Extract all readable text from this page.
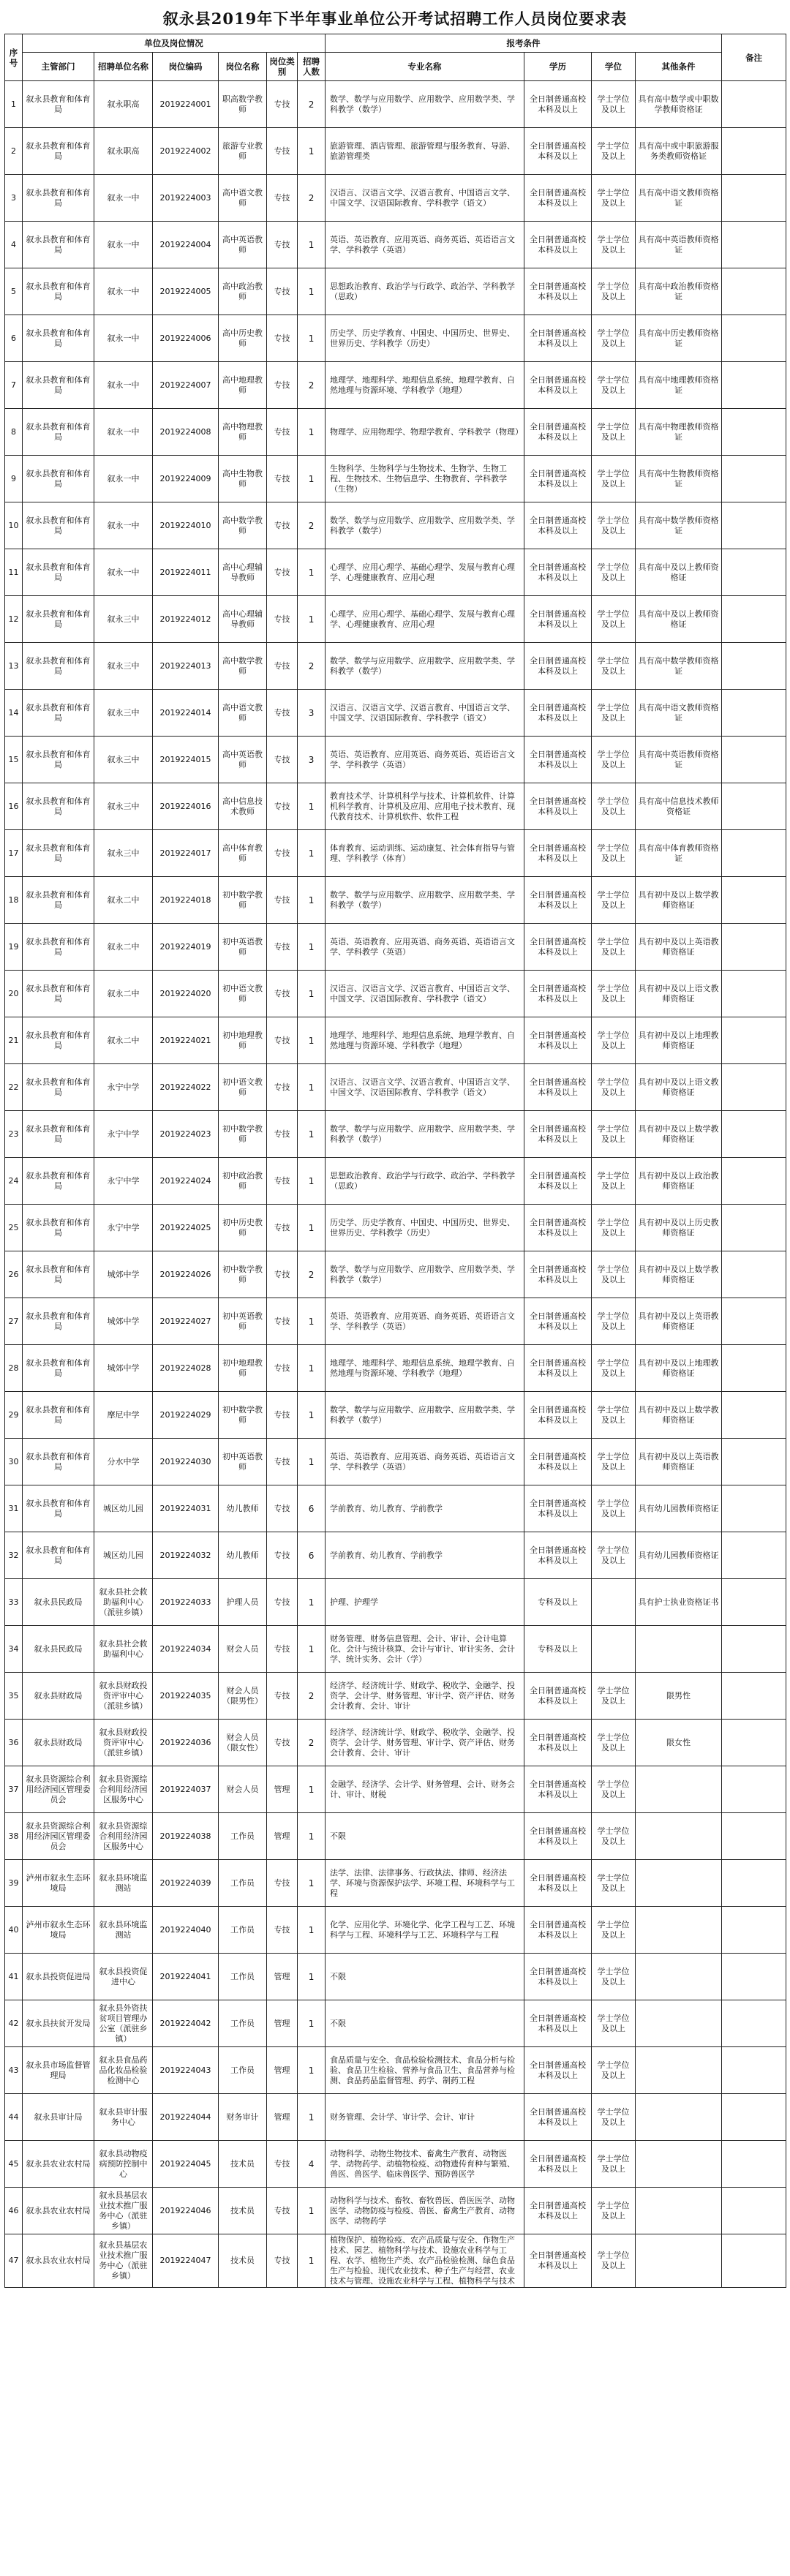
叙永县2019年下半年事业单位公开考试招聘工作人员岗位要求表
序号	单位及岗位情况						报考条件				备注
	主管部门	招聘单位名称	岗位编码	岗位名称	岗位类别	招聘人数	专业名称	学历	学位	其他条件	
1	叙永县教育和体育局	叙永职高	2019224001	职高数学教师	专技	2	数学、数学与应用数学、应用数学、应用数学类、学科教学（数学）	全日制普通高校本科及以上	学士学位及以上	具有高中数学或中职数学教师资格证	
2	叙永县教育和体育局	叙永职高	2019224002	旅游专业教师	专技	1	旅游管理、酒店管理、旅游管理与服务教育、导游、旅游管理类	全日制普通高校本科及以上	学士学位及以上	具有高中或中职旅游服务类教师资格证	
3	叙永县教育和体育局	叙永一中	2019224003	高中语文教师	专技	2	汉语言、汉语言文学、汉语言教育、中国语言文学、中国文学、汉语国际教育、学科教学（语文）	全日制普通高校本科及以上	学士学位及以上	具有高中语文教师资格证	
4	叙永县教育和体育局	叙永一中	2019224004	高中英语教师	专技	1	英语、英语教育、应用英语、商务英语、英语语言文学、学科教学（英语）	全日制普通高校本科及以上	学士学位及以上	具有高中英语教师资格证	
5	叙永县教育和体育局	叙永一中	2019224005	高中政治教师	专技	1	思想政治教育、政治学与行政学、政治学、学科教学（思政）	全日制普通高校本科及以上	学士学位及以上	具有高中政治教师资格证	
6	叙永县教育和体育局	叙永一中	2019224006	高中历史教师	专技	1	历史学、历史学教育、中国史、中国历史、世界史、世界历史、学科教学（历史）	全日制普通高校本科及以上	学士学位及以上	具有高中历史教师资格证	
7	叙永县教育和体育局	叙永一中	2019224007	高中地理教师	专技	2	地理学、地理科学、地理信息系统、地理学教育、自然地理与资源环境、学科教学（地理）	全日制普通高校本科及以上	学士学位及以上	具有高中地理教师资格证	
8	叙永县教育和体育局	叙永一中	2019224008	高中物理教师	专技	1	物理学、应用物理学、物理学教育、学科教学（物理）	全日制普通高校本科及以上	学士学位及以上	具有高中物理教师资格证	
9	叙永县教育和体育局	叙永一中	2019224009	高中生物教师	专技	1	生物科学、生物科学与生物技术、生物学、生物工程、生物技术、生物信息学、生物教育、学科教学（生物）	全日制普通高校本科及以上	学士学位及以上	具有高中生物教师资格证	
10	叙永县教育和体育局	叙永一中	2019224010	高中数学教师	专技	2	数学、数学与应用数学、应用数学、应用数学类、学科教学（数学）	全日制普通高校本科及以上	学士学位及以上	具有高中数学教师资格证	
11	叙永县教育和体育局	叙永一中	2019224011	高中心理辅导教师	专技	1	心理学、应用心理学、基础心理学、发展与教育心理学、心理健康教育、应用心理	全日制普通高校本科及以上	学士学位及以上	具有高中及以上教师资格证	
12	叙永县教育和体育局	叙永三中	2019224012	高中心理辅导教师	专技	1	心理学、应用心理学、基础心理学、发展与教育心理学、心理健康教育、应用心理	全日制普通高校本科及以上	学士学位及以上	具有高中及以上教师资格证	
13	叙永县教育和体育局	叙永三中	2019224013	高中数学教师	专技	2	数学、数学与应用数学、应用数学、应用数学类、学科教学（数学）	全日制普通高校本科及以上	学士学位及以上	具有高中数学教师资格证	
14	叙永县教育和体育局	叙永三中	2019224014	高中语文教师	专技	3	汉语言、汉语言文学、汉语言教育、中国语言文学、中国文学、汉语国际教育、学科教学（语文）	全日制普通高校本科及以上	学士学位及以上	具有高中语文教师资格证	
15	叙永县教育和体育局	叙永三中	2019224015	高中英语教师	专技	3	英语、英语教育、应用英语、商务英语、英语语言文学、学科教学（英语）	全日制普通高校本科及以上	学士学位及以上	具有高中英语教师资格证	
16	叙永县教育和体育局	叙永三中	2019224016	高中信息技术教师	专技	1	教育技术学、计算机科学与技术、计算机软件、计算机科学教育、计算机及应用、应用电子技术教育、现代教育技术、计算机软件、软件工程	全日制普通高校本科及以上	学士学位及以上	具有高中信息技术教师资格证	
17	叙永县教育和体育局	叙永三中	2019224017	高中体育教师	专技	1	体育教育、运动训练、运动康复、社会体育指导与管理、学科教学（体育）	全日制普通高校本科及以上	学士学位及以上	具有高中体育教师资格证	
18	叙永县教育和体育局	叙永二中	2019224018	初中数学教师	专技	1	数学、数学与应用数学、应用数学、应用数学类、学科教学（数学）	全日制普通高校本科及以上	学士学位及以上	具有初中及以上数学教师资格证	
19	叙永县教育和体育局	叙永二中	2019224019	初中英语教师	专技	1	英语、英语教育、应用英语、商务英语、英语语言文学、学科教学（英语）	全日制普通高校本科及以上	学士学位及以上	具有初中及以上英语教师资格证	
20	叙永县教育和体育局	叙永二中	2019224020	初中语文教师	专技	1	汉语言、汉语言文学、汉语言教育、中国语言文学、中国文学、汉语国际教育、学科教学（语文）	全日制普通高校本科及以上	学士学位及以上	具有初中及以上语文教师资格证	
21	叙永县教育和体育局	叙永二中	2019224021	初中地理教师	专技	1	地理学、地理科学、地理信息系统、地理学教育、自然地理与资源环境、学科教学（地理）	全日制普通高校本科及以上	学士学位及以上	具有初中及以上地理教师资格证	
22	叙永县教育和体育局	永宁中学	2019224022	初中语文教师	专技	1	汉语言、汉语言文学、汉语言教育、中国语言文学、中国文学、汉语国际教育、学科教学（语文）	全日制普通高校本科及以上	学士学位及以上	具有初中及以上语文教师资格证	
23	叙永县教育和体育局	永宁中学	2019224023	初中数学教师	专技	1	数学、数学与应用数学、应用数学、应用数学类、学科教学（数学）	全日制普通高校本科及以上	学士学位及以上	具有初中及以上数学教师资格证	
24	叙永县教育和体育局	永宁中学	2019224024	初中政治教师	专技	1	思想政治教育、政治学与行政学、政治学、学科教学（思政）	全日制普通高校本科及以上	学士学位及以上	具有初中及以上政治教师资格证	
25	叙永县教育和体育局	永宁中学	2019224025	初中历史教师	专技	1	历史学、历史学教育、中国史、中国历史、世界史、世界历史、学科教学（历史）	全日制普通高校本科及以上	学士学位及以上	具有初中及以上历史教师资格证	
26	叙永县教育和体育局	城郊中学	2019224026	初中数学教师	专技	2	数学、数学与应用数学、应用数学、应用数学类、学科教学（数学）	全日制普通高校本科及以上	学士学位及以上	具有初中及以上数学教师资格证	
27	叙永县教育和体育局	城郊中学	2019224027	初中英语教师	专技	1	英语、英语教育、应用英语、商务英语、英语语言文学、学科教学（英语）	全日制普通高校本科及以上	学士学位及以上	具有初中及以上英语教师资格证	
28	叙永县教育和体育局	城郊中学	2019224028	初中地理教师	专技	1	地理学、地理科学、地理信息系统、地理学教育、自然地理与资源环境、学科教学（地理）	全日制普通高校本科及以上	学士学位及以上	具有初中及以上地理教师资格证	
29	叙永县教育和体育局	摩尼中学	2019224029	初中数学教师	专技	1	数学、数学与应用数学、应用数学、应用数学类、学科教学（数学）	全日制普通高校本科及以上	学士学位及以上	具有初中及以上数学教师资格证	
30	叙永县教育和体育局	分水中学	2019224030	初中英语教师	专技	1	英语、英语教育、应用英语、商务英语、英语语言文学、学科教学（英语）	全日制普通高校本科及以上	学士学位及以上	具有初中及以上英语教师资格证	
31	叙永县教育和体育局	城区幼儿园	2019224031	幼儿教师	专技	6	学前教育、幼儿教育、学前教学	全日制普通高校本科及以上	学士学位及以上	具有幼儿园教师资格证	
32	叙永县教育和体育局	城区幼儿园	2019224032	幼儿教师	专技	6	学前教育、幼儿教育、学前教学	全日制普通高校本科及以上	学士学位及以上	具有幼儿园教师资格证	
33	叙永县民政局	叙永县社会救助福利中心（派驻乡镇）	2019224033	护理人员	专技	1	护理、护理学	专科及以上		具有护士执业资格证书	
34	叙永县民政局	叙永县社会救助福利中心	2019224034	财会人员	专技	1	财务管理、财务信息管理、会计、审计、会计电算化、会计与统计核算、会计与审计、审计实务、会计学、统计实务、会计（学）	专科及以上			
35	叙永县财政局	叙永县财政投资评审中心（派驻乡镇）	2019224035	财会人员（限男性）	专技	2	经济学、经济统计学、财政学、税收学、金融学、投资学、会计学、财务管理、审计学、资产评估、财务会计教育、会计、审计	全日制普通高校本科及以上	学士学位及以上	限男性	
36	叙永县财政局	叙永县财政投资评审中心（派驻乡镇）	2019224036	财会人员（限女性）	专技	2	经济学、经济统计学、财政学、税收学、金融学、投资学、会计学、财务管理、审计学、资产评估、财务会计教育、会计、审计	全日制普通高校本科及以上	学士学位及以上	限女性	
37	叙永县资源综合利用经济园区管理委员会	叙永县资源综合利用经济园区服务中心	2019224037	财会人员	管理	1	金融学、经济学、会计学、财务管理、会计、财务会计、审计、财税	全日制普通高校本科及以上	学士学位及以上		
38	叙永县资源综合利用经济园区管理委员会	叙永县资源综合利用经济园区服务中心	2019224038	工作员	管理	1	不限	全日制普通高校本科及以上	学士学位及以上		
39	泸州市叙永生态环境局	叙永县环境监测站	2019224039	工作员	专技	1	法学、法律、法律事务、行政执法、律师、经济法学、环境与资源保护法学、环境工程、环境科学与工程	全日制普通高校本科及以上	学士学位及以上		
40	泸州市叙永生态环境局	叙永县环境监测站	2019224040	工作员	专技	1	化学、应用化学、环境化学、化学工程与工艺、环境科学与工程、环境科学与工艺、环境科学与工程	全日制普通高校本科及以上	学士学位及以上		
41	叙永县投资促进局	叙永县投资促进中心	2019224041	工作员	管理	1	不限	全日制普通高校本科及以上	学士学位及以上		
42	叙永县扶贫开发局	叙永县外资扶贫项目管理办公室（派驻乡镇）	2019224042	工作员	管理	1	不限	全日制普通高校本科及以上	学士学位及以上		
43	叙永县市场监督管理局	叙永县食品药品化妆品检验检测中心	2019224043	工作员	管理	1	食品质量与安全、食品检验检测技术、食品分析与检验、食品卫生检验、营养与食品卫生、食品营养与检测、食品药品监督管理、药学、制药工程	全日制普通高校本科及以上	学士学位及以上		
44	叙永县审计局	叙永县审计服务中心	2019224044	财务审计	管理	1	财务管理、会计学、审计学、会计、审计	全日制普通高校本科及以上	学士学位及以上		
45	叙永县农业农村局	叙永县动物疫病预防控制中心	2019224045	技术员	专技	4	动物科学、动物生物技术、畜禽生产教育、动物医学、动物药学、动植物检疫、动物遗传育种与繁殖、兽医、兽医学、临床兽医学、预防兽医学	全日制普通高校本科及以上	学士学位及以上		
46	叙永县农业农村局	叙永县基层农业技术推广服务中心（派驻乡镇）	2019224046	技术员	专技	1	动物科学与技术、畜牧、畜牧兽医、兽医医学、动物医学、动物防疫与检疫、兽医、畜禽生产教育、动物医学、动物药学	全日制普通高校本科及以上	学士学位及以上		
47	叙永县农业农村局	叙永县基层农业技术推广服务中心（派驻乡镇）	2019224047	技术员	专技	1	植物保护、植物检疫、农产品质量与安全、作物生产技术、园艺、植物科学与技术、设施农业科学与工程、农学、植物生产类、农产品检验检测、绿色食品生产与检验、现代农业技术、种子生产与经营、农业技术与管理、设施农业科学与工程、植物科学与技术	全日制普通高校本科及以上	学士学位及以上		
